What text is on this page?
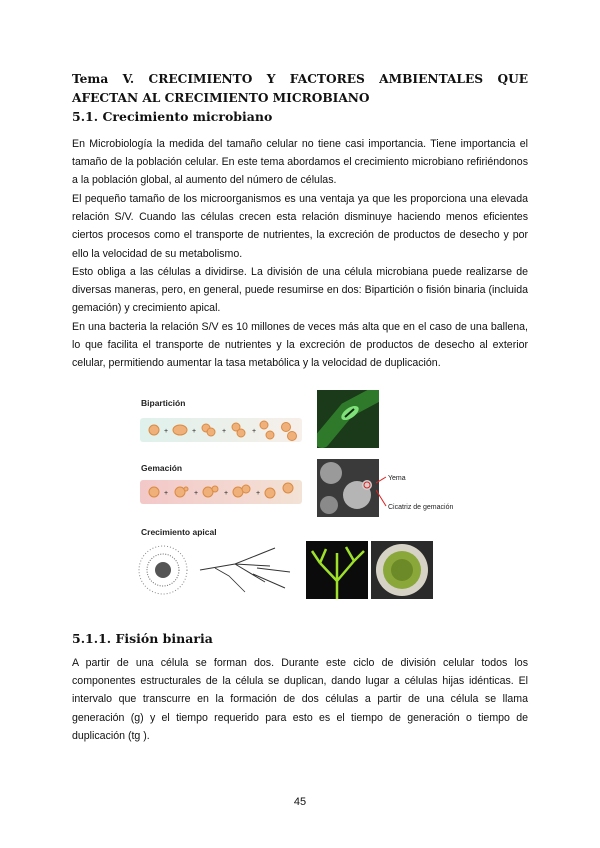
Tema V. CRECIMIENTO Y FACTORES AMBIENTALES QUE AFECTAN AL CRECIMIENTO MICROBIANO
5.1. Crecimiento microbiano

En Microbiología la medida del tamaño celular no tiene casi importancia. Tiene importancia el tamaño de la población celular. En este tema abordamos el crecimiento microbiano refiriéndonos a la población global, al aumento del número de células.

El pequeño tamaño de los microorganismos es una ventaja ya que les proporciona una elevada relación S/V. Cuando las células crecen esta relación disminuye haciendo menos eficientes ciertos procesos como el transporte de nutrientes, la excreción de productos de desecho y por ello la velocidad de su metabolismo.

Esto obliga a las células a dividirse. La división de una célula microbiana puede realizarse de diversas maneras, pero, en general, puede resumirse en dos: Bipartición o fisión binaria (incluida gemación) y crecimiento apical.

En una bacteria la relación S/V es 10 millones de veces más alta que en el caso de una ballena, lo que facilita el transporte de nutrientes y la excreción de productos de desecho al exterior celular, permitiendo aumentar la tasa metabólica y la velocidad de duplicación.

Bipartición
+	+	+	+
Gemación
+	+	+	+
Yema
Cicatriz de gemación
Crecimiento apical
5.1.1. Fisión binaria

A partir de una célula se forman dos. Durante este ciclo de división celular todos los componentes estructurales de la célula se duplican, dando lugar a células hijas idénticas. El intervalo que transcurre en la formación de dos células a partir de una célula se llama generación (g) y el tiempo requerido para esto es el tiempo de generación o tiempo de duplicación (tg ).

45
